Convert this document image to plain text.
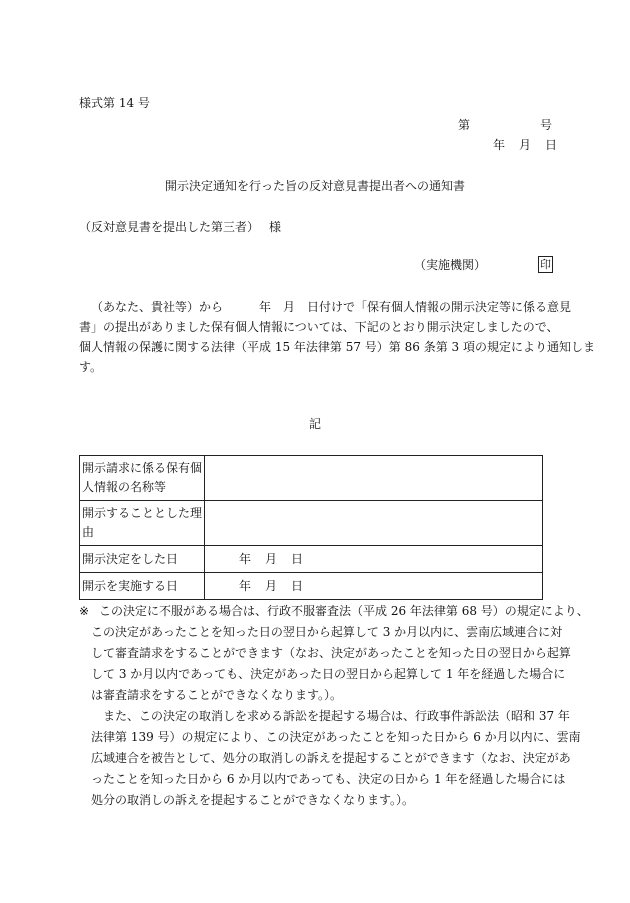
様式第 14 号
第	号
年 月 日
開示決定通知を行った旨の反対意見書提出者への通知書
（反対意見書を提出した第三者） 様
（実施機関）	印
（あなた、貴社等）から　　　年　月　日付けで「保有個人情報の開示決定等に係る意見
書」の提出がありました保有個人情報については、下記のとおり開示決定しましたので、
個人情報の保護に関する法律（平成 15 年法律第 57 号）第 86 条第 3 項の規定により通知しま
す。
記
開示請求に係る保有個
人情報の名称等	

開示することとした理
由	

開示決定をした日	年 月 日

開示を実施する日	年 月 日
※ この決定に不服がある場合は、行政不服審査法（平成 26 年法律第 68 号）の規定により、
この決定があったことを知った日の翌日から起算して 3 か月以内に、雲南広域連合に対
して審査請求をすることができます（なお、決定があったことを知った日の翌日から起算
して 3 か月以内であっても、決定があった日の翌日から起算して 1 年を経過した場合に
は審査請求をすることができなくなります。）。
また、この決定の取消しを求める訴訟を提起する場合は、行政事件訴訟法（昭和 37 年
法律第 139 号）の規定により、この決定があったことを知った日から 6 か月以内に、雲南
広域連合を被告として、処分の取消しの訴えを提起することができます（なお、決定があ
ったことを知った日から 6 か月以内であっても、決定の日から 1 年を経過した場合には
処分の取消しの訴えを提起することができなくなります。）。
